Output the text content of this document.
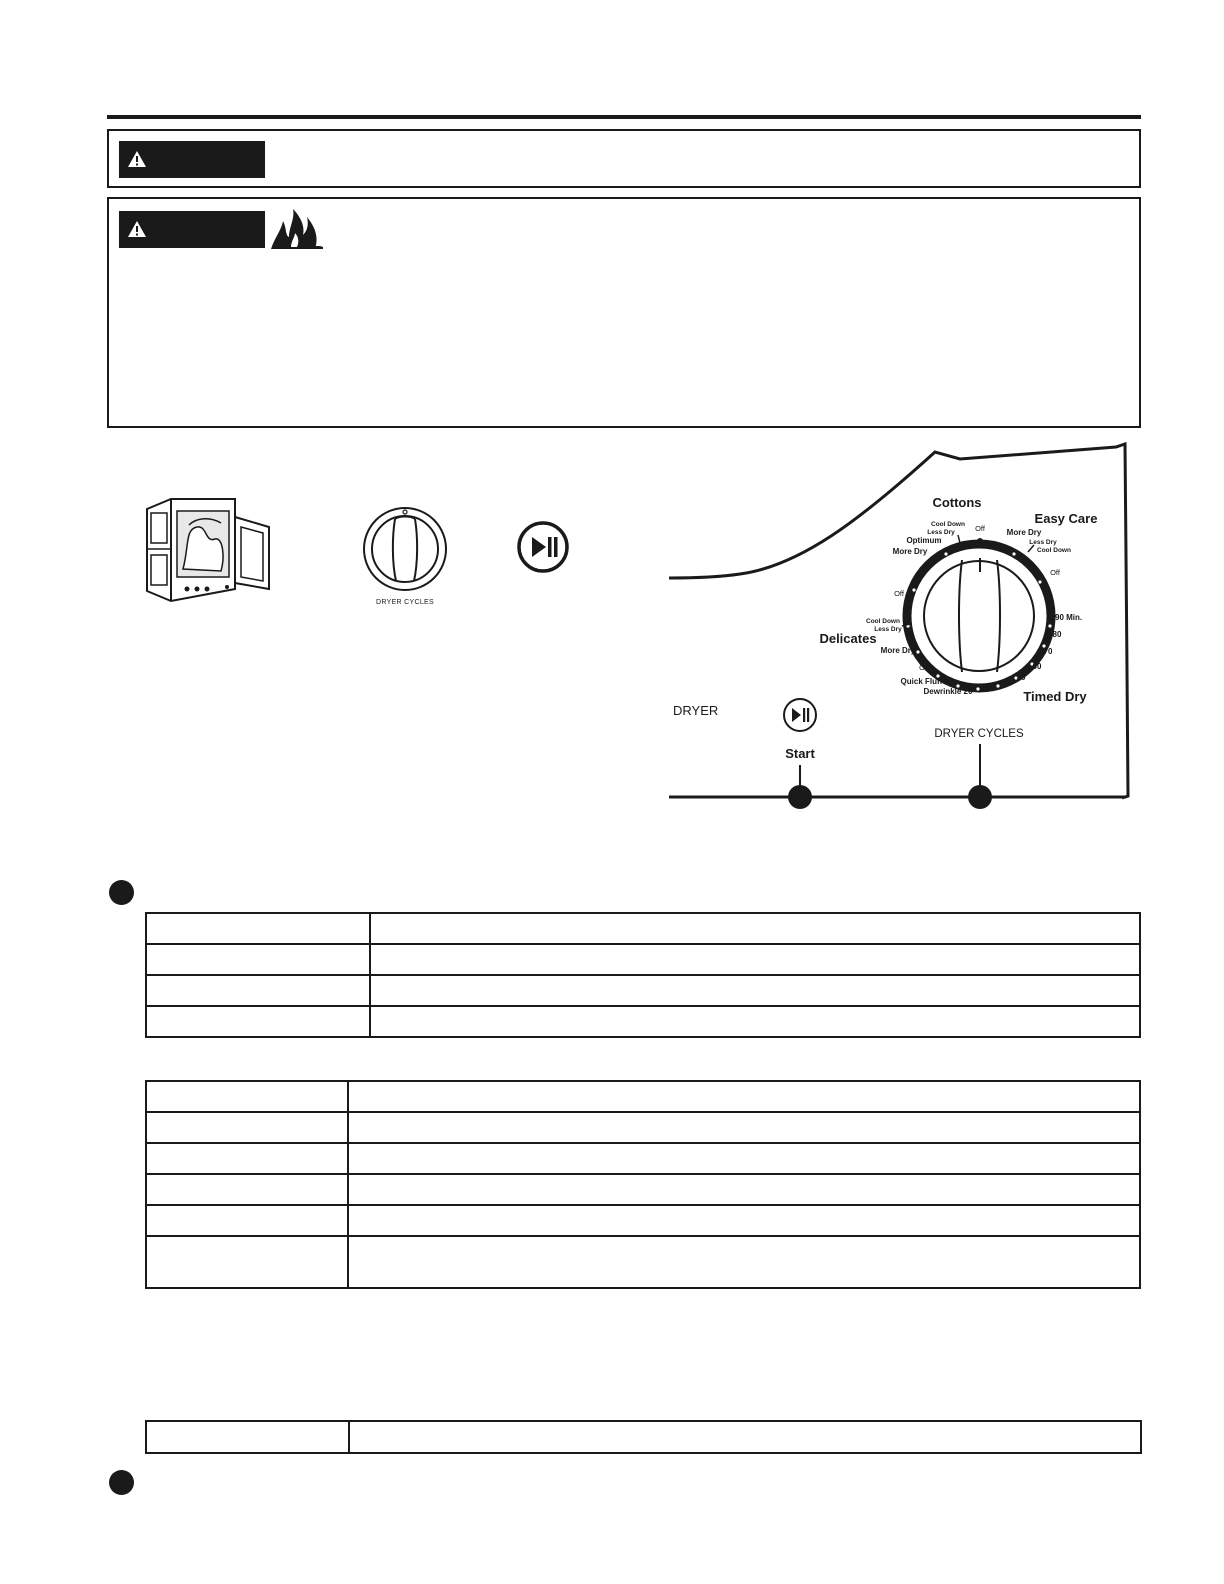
DRYER CYCLES
Cottons
Easy Care
Delicates
Timed Dry
Cool Down
Less Dry	Off
Optimum
More Dry
More Dry
Less Dry
Cool Down
Off
Off
Cool Down
Less Dry
More Dry
Off
Quick Fluff 10
Dewrinkle 20 30 40
50
60
70
80
90 Min.
DRYER
Start
DRYER CYCLES
